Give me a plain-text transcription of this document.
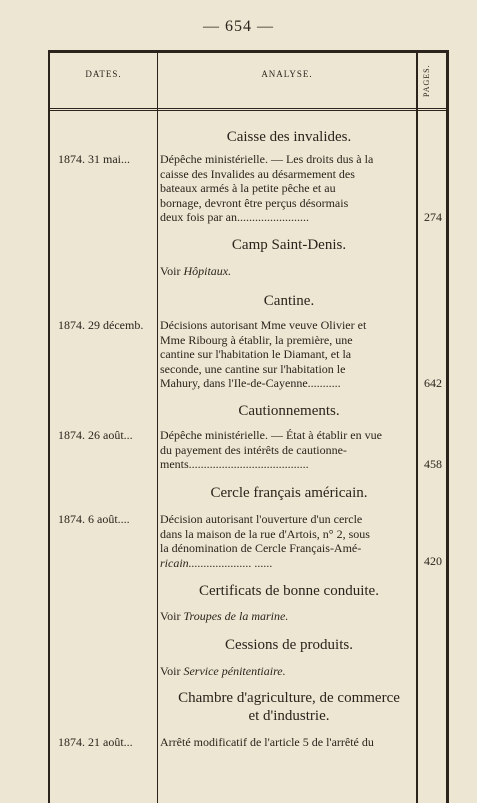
— 654 —
DATES.	ANALYSE.	PAGES.
Caisse des invalides.
1874. 31 mai...	Dépêche ministérielle. — Les droits dus à la
caisse des Invalides au désarmement des
bateaux armés à la petite pêche et au
bornage, devront être perçus désormais
deux fois par an........................	274
Camp Saint-Denis.
Voir Hôpitaux.
Cantine.
1874. 29 décemb.	Décisions autorisant Mme veuve Olivier et
Mme Ribourg à établir, la première, une
cantine sur l'habitation le Diamant, et la
seconde, une cantine sur l'habitation le
Mahury, dans l'Ile-de-Cayenne...........	642
Cautionnements.
1874. 26 août...	Dépêche ministérielle. — État à établir en vue
du payement des intérêts de cautionne-
ments........................................	458
Cercle français américain.
1874. 6 août....	Décision autorisant l'ouverture d'un cercle
dans la maison de la rue d'Artois, n° 2, sous
la dénomination de Cercle Français-Amé-
ricain..................... ......	420
Certificats de bonne conduite.
Voir Troupes de la marine.
Cessions de produits.
Voir Service pénitentiaire.
Chambre d'agriculture, de commerce
et d'industrie.
1874. 21 août...	Arrêté modificatif de l'article 5 de l'arrêté du
